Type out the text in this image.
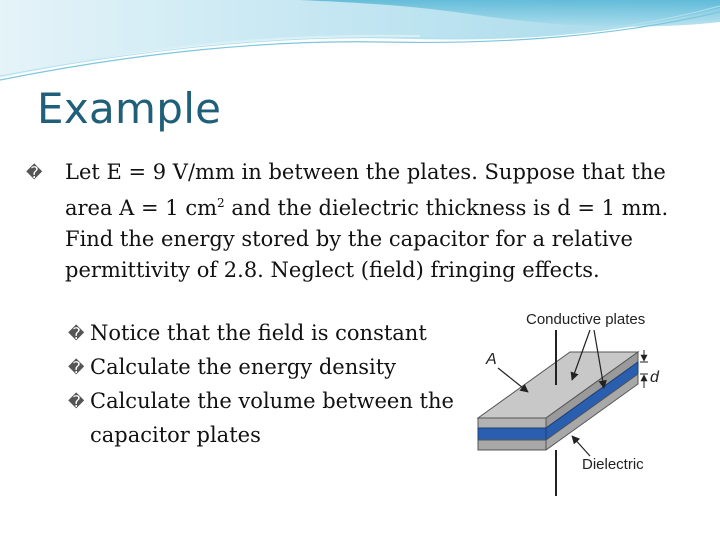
Example
�	Let E = 9 V/mm in between the plates. Suppose that the area A = 1 $cm^2$ and the dielectric thickness is d = 1 mm. Find the energy stored by the capacitor for a relative permittivity of 2.8. Neglect (field) fringing effects.
� Notice that the field is constant
� Calculate the energy density
� Calculate the volume between the capacitor plates
Conductive plates
A
d
Dielectric
